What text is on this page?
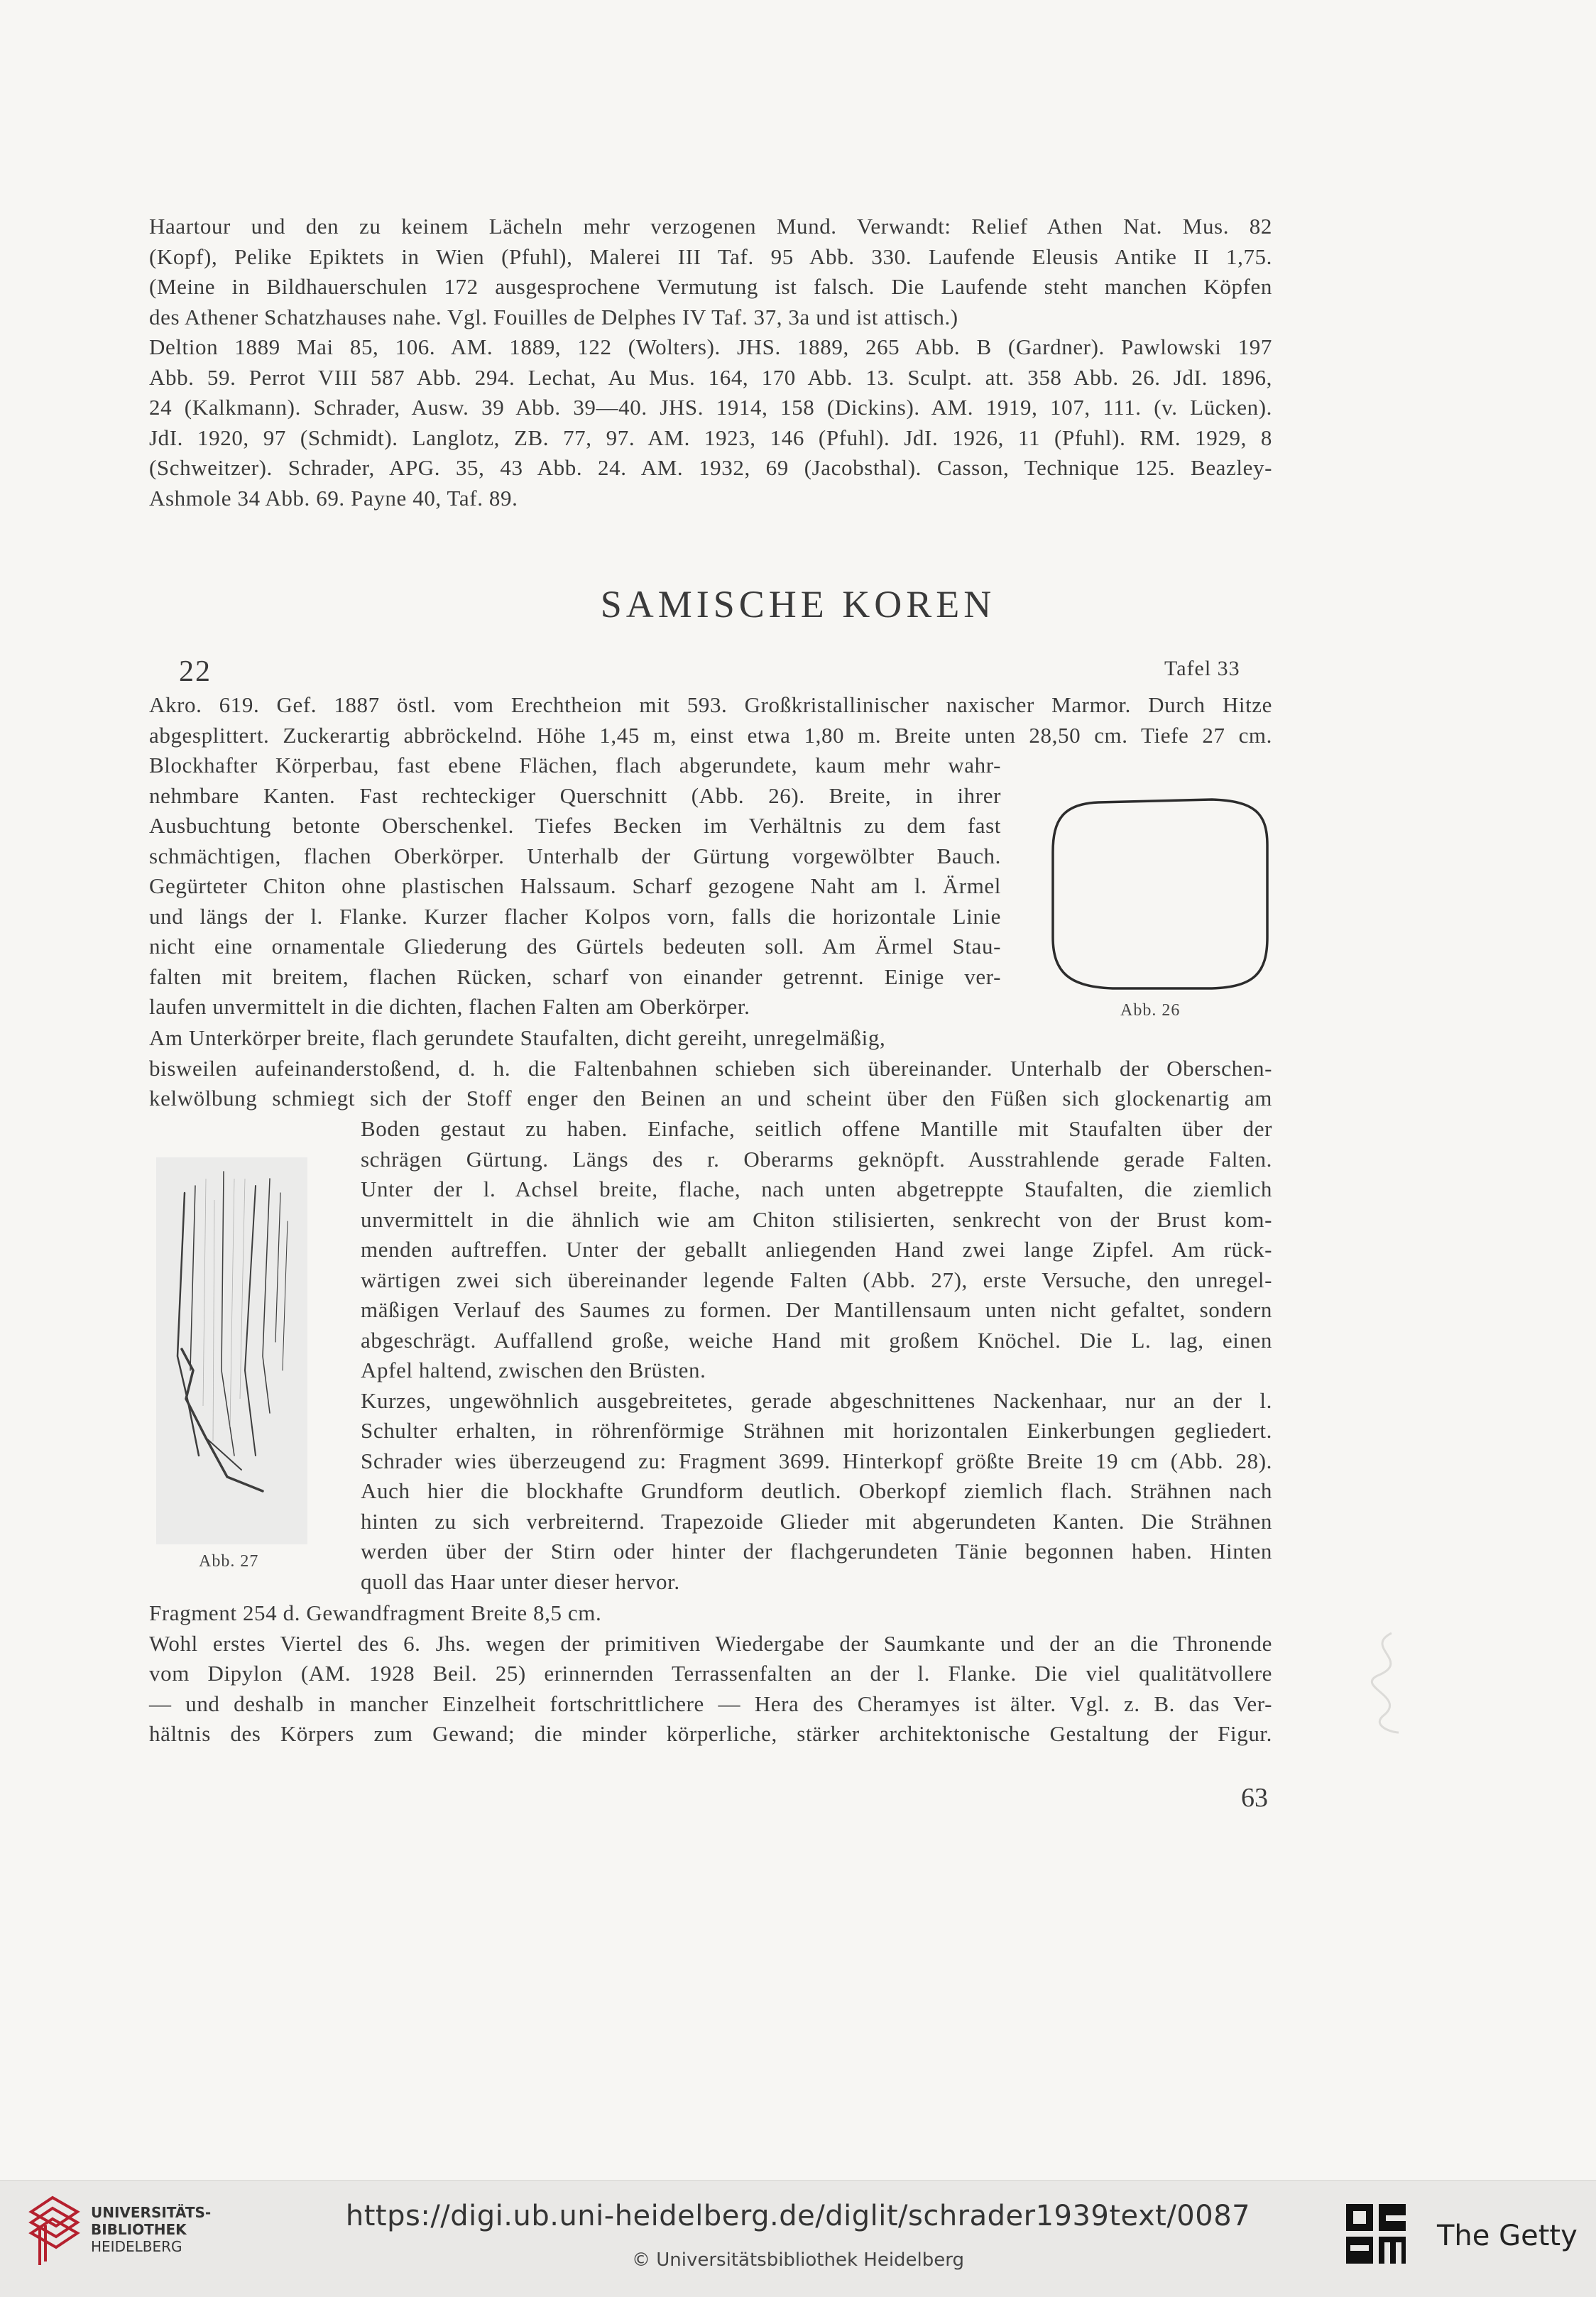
Haartour und den zu keinem Lächeln mehr verzogenen Mund. Verwandt: Relief Athen Nat. Mus. 82
(Kopf), Pelike Epiktets in Wien (Pfuhl), Malerei III Taf. 95 Abb. 330. Laufende Eleusis Antike II 1,75.
(Meine in Bildhauerschulen 172 ausgesprochene Vermutung ist falsch. Die Laufende steht manchen Köpfen
des Athener Schatzhauses nahe. Vgl. Fouilles de Delphes IV Taf. 37, 3a und ist attisch.)
Deltion 1889 Mai 85, 106. AM. 1889, 122 (Wolters). JHS. 1889, 265 Abb. B (Gardner). Pawlowski 197
Abb. 59. Perrot VIII 587 Abb. 294. Lechat, Au Mus. 164, 170 Abb. 13. Sculpt. att. 358 Abb. 26. JdI. 1896,
24 (Kalkmann). Schrader, Ausw. 39 Abb. 39—40. JHS. 1914, 158 (Dickins). AM. 1919, 107, 111. (v. Lücken).
JdI. 1920, 97 (Schmidt). Langlotz, ZB. 77, 97. AM. 1923, 146 (Pfuhl). JdI. 1926, 11 (Pfuhl). RM. 1929, 8
(Schweitzer). Schrader, APG. 35, 43 Abb. 24. AM. 1932, 69 (Jacobsthal). Casson, Technique 125. Beazley-
Ashmole 34 Abb. 69. Payne 40, Taf. 89.
SAMISCHE KOREN
22	Tafel 33
Akro. 619. Gef. 1887 östl. vom Erechtheion mit 593. Großkristallinischer naxischer Marmor. Durch Hitze
abgesplittert. Zuckerartig abbröckelnd. Höhe 1,45 m, einst etwa 1,80 m. Breite unten 28,50 cm. Tiefe 27 cm.
Blockhafter Körperbau, fast ebene Flächen, flach abgerundete, kaum mehr wahr-
nehmbare Kanten. Fast rechteckiger Querschnitt (Abb. 26). Breite, in ihrer
Ausbuchtung betonte Oberschenkel. Tiefes Becken im Verhältnis zu dem fast
schmächtigen, flachen Oberkörper. Unterhalb der Gürtung vorgewölbter Bauch.
Gegürteter Chiton ohne plastischen Halssaum. Scharf gezogene Naht am l. Ärmel
und längs der l. Flanke. Kurzer flacher Kolpos vorn, falls die horizontale Linie
nicht eine ornamentale Gliederung des Gürtels bedeuten soll. Am Ärmel Stau-
falten mit breitem, flachen Rücken, scharf von einander getrennt. Einige ver-
laufen unvermittelt in die dichten, flachen Falten am Oberkörper.	Abb. 26
Am Unterkörper breite, flach gerundete Staufalten, dicht gereiht, unregelmäßig,
bisweilen aufeinanderstoßend, d. h. die Faltenbahnen schieben sich übereinander. Unterhalb der Oberschen-
kelwölbung schmiegt sich der Stoff enger den Beinen an und scheint über den Füßen sich glockenartig am
Abb. 27
Boden gestaut zu haben. Einfache, seitlich offene Mantille mit Staufalten über der
schrägen Gürtung. Längs des r. Oberarms geknöpft. Ausstrahlende gerade Falten.
Unter der l. Achsel breite, flache, nach unten abgetreppte Staufalten, die ziemlich
unvermittelt in die ähnlich wie am Chiton stilisierten, senkrecht von der Brust kom-
menden auftreffen. Unter der geballt anliegenden Hand zwei lange Zipfel. Am rück-
wärtigen zwei sich übereinander legende Falten (Abb. 27), erste Versuche, den unregel-
mäßigen Verlauf des Saumes zu formen. Der Mantillensaum unten nicht gefaltet, sondern
abgeschrägt. Auffallend große, weiche Hand mit großem Knöchel. Die L. lag, einen
Apfel haltend, zwischen den Brüsten.
Kurzes, ungewöhnlich ausgebreitetes, gerade abgeschnittenes Nackenhaar, nur an der l.
Schulter erhalten, in röhrenförmige Strähnen mit horizontalen Einkerbungen gegliedert.
Schrader wies überzeugend zu: Fragment 3699. Hinterkopf größte Breite 19 cm (Abb. 28).
Auch hier die blockhafte Grundform deutlich. Oberkopf ziemlich flach. Strähnen nach
hinten zu sich verbreiternd. Trapezoide Glieder mit abgerundeten Kanten. Die Strähnen
werden über der Stirn oder hinter der flachgerundeten Tänie begonnen haben. Hinten
quoll das Haar unter dieser hervor.
Fragment 254 d. Gewandfragment Breite 8,5 cm.
Wohl erstes Viertel des 6. Jhs. wegen der primitiven Wiedergabe der Saumkante und der an die Thronende
vom Dipylon (AM. 1928 Beil. 25) erinnernden Terrassenfalten an der l. Flanke. Die viel qualitätvollere
— und deshalb in mancher Einzelheit fortschrittlichere — Hera des Cheramyes ist älter. Vgl. z. B. das Ver-
hältnis des Körpers zum Gewand; die minder körperliche, stärker architektonische Gestaltung der Figur.
63
UNIVERSITÄTS-
BIBLIOTHEK
HEIDELBERG
https://digi.ub.uni-heidelberg.de/diglit/schrader1939text/0087
© Universitätsbibliothek Heidelberg
The Getty
